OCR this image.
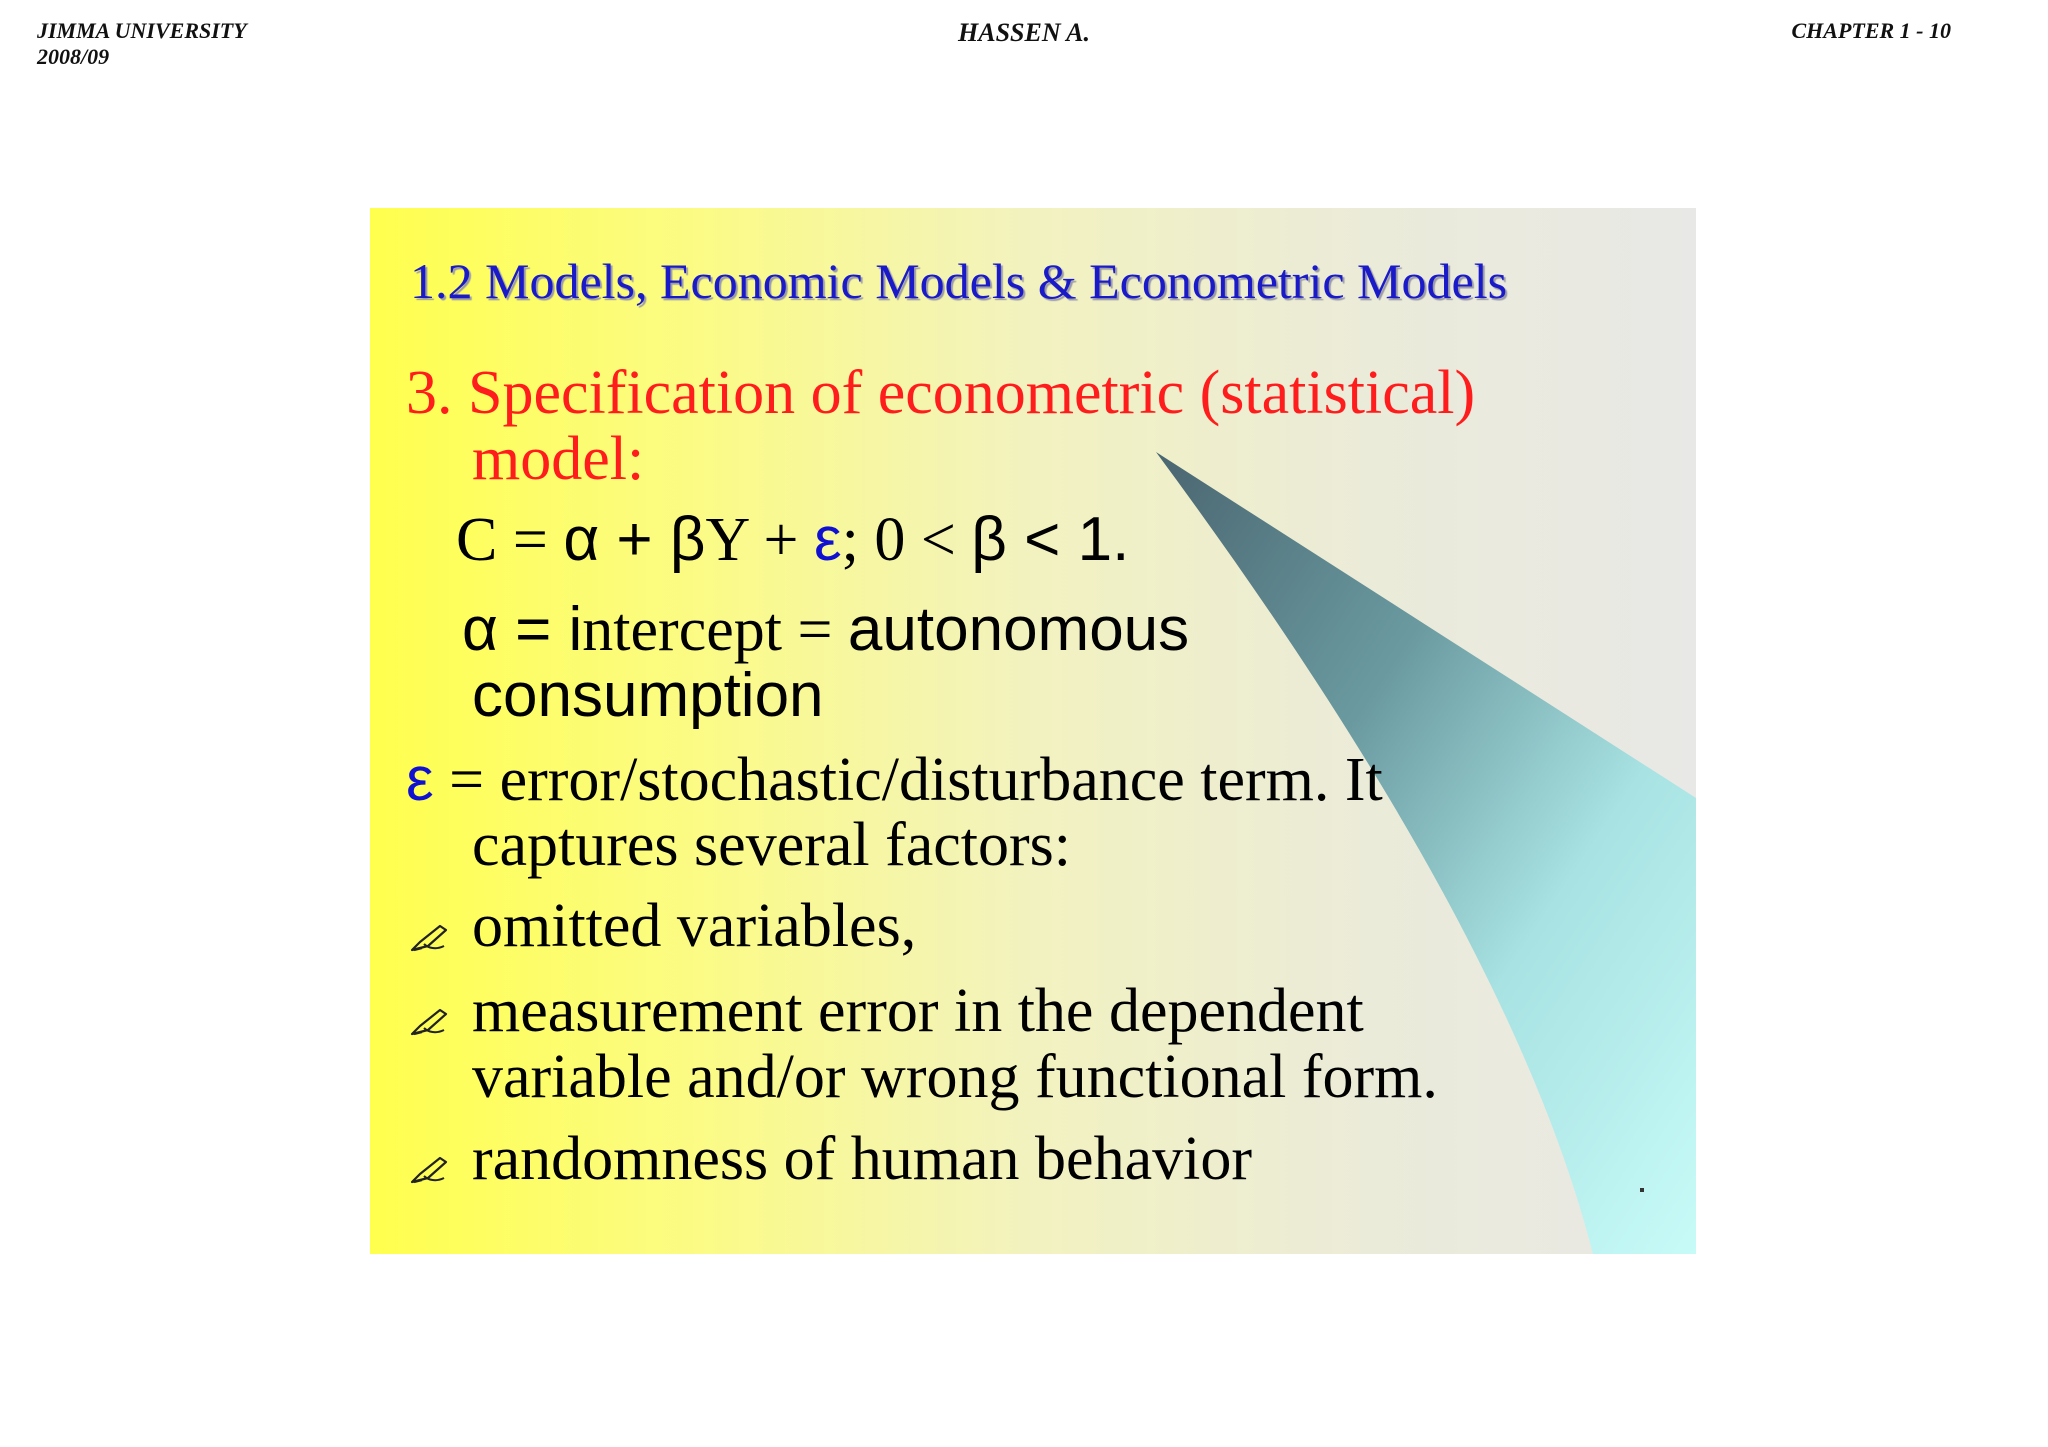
JIMMA UNIVERSITY
2008/09
HASSEN A.	CHAPTER 1 - 10
1.2 Models, Economic Models & Econometric Models
3. Specification of econometric (statistical)
model:
C = α + βY + ε; 0 < β < 1.
α = intercept = autonomous
consumption
ε = error/stochastic/disturbance term. It
captures several factors:
omitted variables,
measurement error in the dependent
variable and/or wrong functional form.
randomness of human behavior
